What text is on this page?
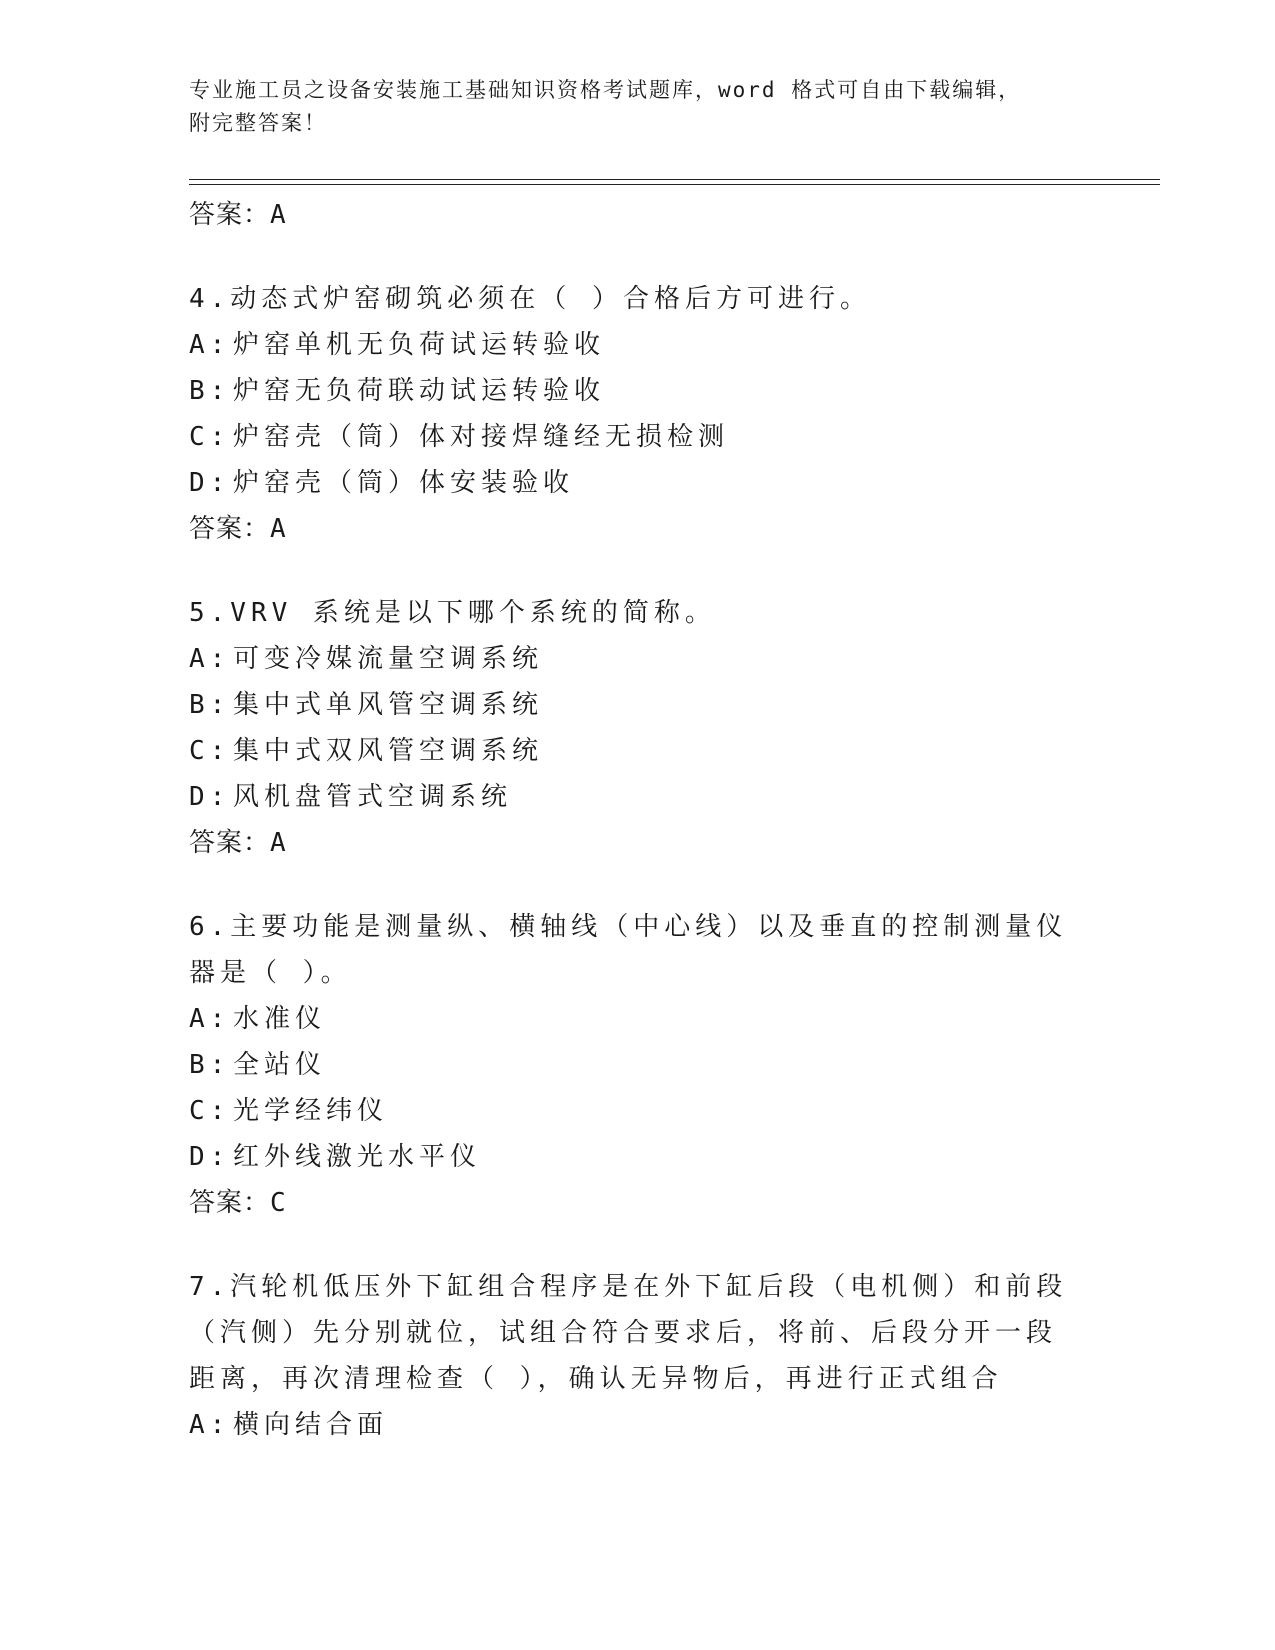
专业施工员之设备安装施工基础知识资格考试题库，word 格式可自由下载编辑，
附完整答案！
答案：A
4.动态式炉窑砌筑必须在（ ）合格后方可进行。
A: 炉窑单机无负荷试运转验收
B: 炉窑无负荷联动试运转验收
C: 炉窑壳（筒）体对接焊缝经无损检测
D: 炉窑壳（筒）体安装验收
答案：A
5.VRV 系统是以下哪个系统的简称。
A: 可变冷媒流量空调系统
B: 集中式单风管空调系统
C: 集中式双风管空调系统
D: 风机盘管式空调系统
答案：A
6.主要功能是测量纵、横轴线（中心线）以及垂直的控制测量仪器是（ ）。
A: 水准仪
B: 全站仪
C: 光学经纬仪
D: 红外线激光水平仪
答案：C
7.汽轮机低压外下缸组合程序是在外下缸后段（电机侧）和前段（汽侧）先分别就位，试组合符合要求后，将前、后段分开一段距离，再次清理检查（ ），确认无异物后，再进行正式组合
A: 横向结合面
